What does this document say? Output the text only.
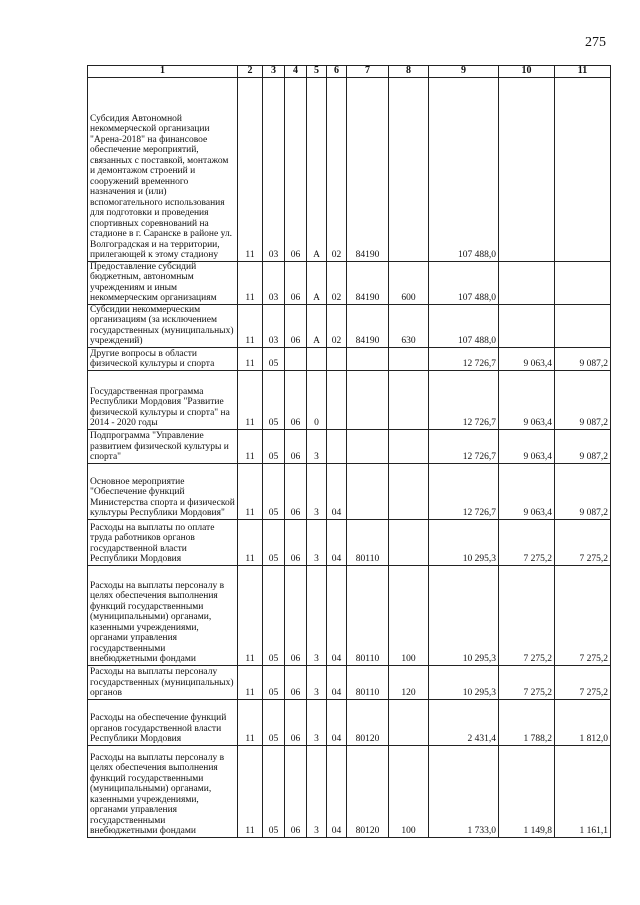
275
1	2	3	4	5	6	7	8	9	10	11
Субсидия Автономной некоммерческой организации "Арена-2018" на финансовое обеспечение мероприятий, связанных с поставкой, монтажом и демонтажом строений и сооружений временного назначения и (или) вспомогательного использования для подготовки и проведения спортивных соревнований на стадионе в г. Саранске в районе ул. Волгоградская и на территории, прилегающей к этому стадиону	11	03	06	А	02	84190		107 488,0		
Предоставление субсидий бюджетным, автономным учреждениям и иным некоммерческим организациям	11	03	06	А	02	84190	600	107 488,0		
Субсидии некоммерческим организациям (за исключением государственных (муниципальных) учреждений)	11	03	06	А	02	84190	630	107 488,0		
Другие вопросы в области физической культуры и спорта	11	05						12 726,7	9 063,4	9 087,2
Государственная программа Республики Мордовия "Развитие физической культуры и спорта" на 2014 - 2020 годы	11	05	06	0				12 726,7	9 063,4	9 087,2
Подпрограмма "Управление развитием физической культуры и спорта"	11	05	06	3				12 726,7	9 063,4	9 087,2
Основное мероприятие "Обеспечение функций Министерства спорта и физической культуры Республики Мордовия"	11	05	06	3	04			12 726,7	9 063,4	9 087,2
Расходы на выплаты по оплате труда работников органов государственной власти Республики Мордовия	11	05	06	3	04	80110		10 295,3	7 275,2	7 275,2
Расходы на выплаты персоналу в целях обеспечения выполнения функций государственными (муниципальными) органами, казенными учреждениями, органами управления государственными внебюджетными фондами	11	05	06	3	04	80110	100	10 295,3	7 275,2	7 275,2
Расходы на выплаты персоналу государственных (муниципальных) органов	11	05	06	3	04	80110	120	10 295,3	7 275,2	7 275,2
Расходы на обеспечение функций органов государственной власти Республики Мордовия	11	05	06	3	04	80120		2 431,4	1 788,2	1 812,0
Расходы на выплаты персоналу в целях обеспечения выполнения функций государственными (муниципальными) органами, казенными учреждениями, органами управления государственными внебюджетными фондами	11	05	06	3	04	80120	100	1 733,0	1 149,8	1 161,1
